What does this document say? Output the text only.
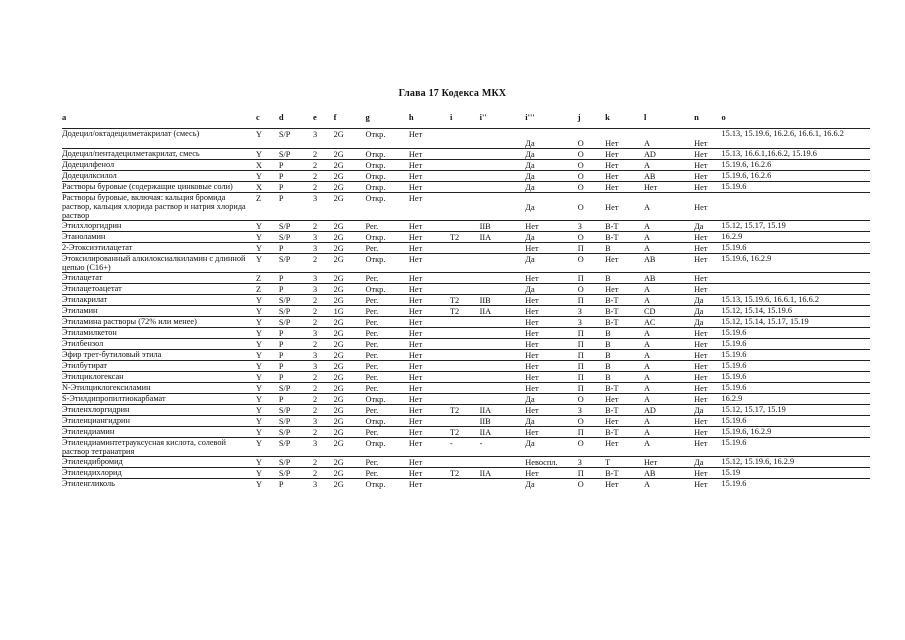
Глава 17 Кодекса МКХ
a	c	d	e	f	g	h	i	i''	i'''	j	k	l	n	o
Додецил/октадецилметакрилат (смесь)	Y	S/P	3	2G	Откр.	Нет			Да	О	Нет	А	Нет	15.13, 15.19.6, 16.2.6, 16.6.1, 16.6.2
Додецил/пентадецилметакрилат, смесь	Y	S/P	2	2G	Откр.	Нет			Да	О	Нет	AD	Нет	15.13, 16.6.1,16.6.2, 15.19.6
Додецилфенол	X	P	2	2G	Откр.	Нет			Да	О	Нет	А	Нет	15.19.6, 16.2.6
Додецилксилол	Y	P	2	2G	Откр.	Нет			Да	О	Нет	AB	Нет	15.19.6, 16.2.6
Растворы буровые (содержащие цинковые соли)	X	P	2	2G	Откр.	Нет			Да	О	Нет	Нет	Нет	15.19.6
Растворы буровые, включая: кальция бромида раствор, кальция хлорида раствор и натрия хлорида раствор	Z	P	3	2G	Откр.	Нет			Да	О	Нет	А	Нет	
Этилхлоргидрин	Y	S/P	2	2G	Рег.	Нет		IIB	Нет	З	В-Т	А	Да	15.12, 15.17, 15.19
Этаноламин	Y	S/P	3	2G	Откр.	Нет	T2	IIA	Да	О	В-Т	А	Нет	16.2.9
2-Этоксиэтилацетат	Y	P	3	2G	Рег.	Нет			Нет	П	В	А	Нет	15.19.6
Этоксилированный алкилоксиалкиламин с длинной цепью (С16+)	Y	S/P	2	2G	Откр.	Нет			Да	О	Нет	AB	Нет	15.19.6, 16.2.9
Этилацетат	Z	P	3	2G	Рег.	Нет			Нет	П	В	AB	Нет	
Этилацетоацетат	Z	P	3	2G	Откр.	Нет			Да	О	Нет	А	Нет	
Этилакрилат	Y	S/P	2	2G	Рег.	Нет	T2	IIB	Нет	П	В-Т	А	Да	15.13, 15.19.6, 16.6.1, 16.6.2
Этиламин	Y	S/P	2	1G	Рег.	Нет	T2	IIA	Нет	З	В-Т	CD	Да	15.12, 15.14, 15.19.6
Этиламина растворы (72% или менее)	Y	S/P	2	2G	Рег.	Нет			Нет	З	В-Т	AC	Да	15.12, 15.14, 15.17, 15.19
Этиламилкетон	Y	P	3	2G	Рег.	Нет			Нет	П	В	А	Нет	15.19.6
Этилбензол	Y	P	2	2G	Рег.	Нет			Нет	П	В	А	Нет	15.19.6
Эфир трет-бутиловый этила	Y	P	3	2G	Рег.	Нет			Нет	П	В	А	Нет	15.19.6
Этилбутират	Y	P	3	2G	Рег.	Нет			Нет	П	В	А	Нет	15.19.6
Этилциклогексан	Y	P	2	2G	Рег.	Нет			Нет	П	В	А	Нет	15.19.6
N-Этилциклогексиламин	Y	S/P	2	2G	Рег.	Нет			Нет	П	В-Т	А	Нет	15.19.6
S-Этилдипропилтиокарбамат	Y	P	2	2G	Откр.	Нет			Да	О	Нет	А	Нет	16.2.9
Этиленхлоргидрин	Y	S/P	2	2G	Рег.	Нет	T2	IIA	Нет	З	В-Т	AD	Да	15.12, 15.17, 15.19
Этиленциангидрин	Y	S/P	3	2G	Откр.	Нет		IIB	Да	О	Нет	А	Нет	15.19.6
Этилендиамин	Y	S/P	2	2G	Рег.	Нет	T2	IIA	Нет	П	В-Т	А	Нет	15.19.6, 16.2.9
Этилендиаминтетрауксусная кислота, солевой раствор тетранатрия	Y	S/P	3	2G	Откр.	Нет	-	-	Да	О	Нет	А	Нет	15.19.6
Этилендибромид	Y	S/P	2	2G	Рег.	Нет			Невоспл.	З	Т	Нет	Да	15.12, 15.19.6, 16.2.9
Этилендихлорид	Y	S/P	2	2G	Рег.	Нет	T2	IIA	Нет	П	В-Т	AB	Нет	15.19
Этиленгликоль	Y	P	3	2G	Откр.	Нет			Да	О	Нет	А	Нет	15.19.6
